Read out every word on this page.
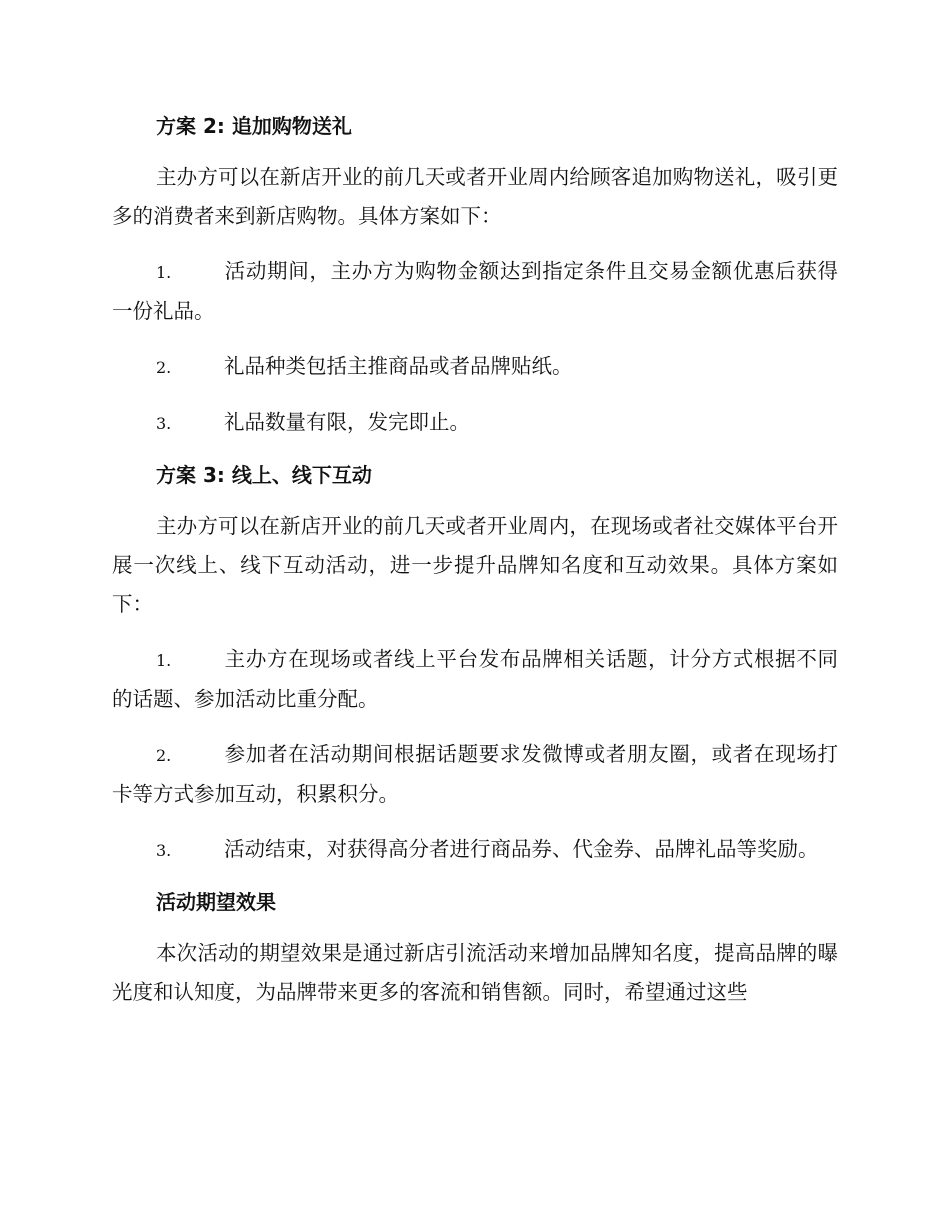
方案 2: 追加购物送礼

主办方可以在新店开业的前几天或者开业周内给顾客追加购物送礼，吸引更多的消费者来到新店购物。具体方案如下：

1.	活动期间，主办方为购物金额达到指定条件且交易金额优惠后获得一份礼品。

2.	礼品种类包括主推商品或者品牌贴纸。

3.	礼品数量有限，发完即止。

方案 3: 线上、线下互动

主办方可以在新店开业的前几天或者开业周内，在现场或者社交媒体平台开展一次线上、线下互动活动，进一步提升品牌知名度和互动效果。具体方案如下：

1.	主办方在现场或者线上平台发布品牌相关话题，计分方式根据不同的话题、参加活动比重分配。

2.	参加者在活动期间根据话题要求发微博或者朋友圈，或者在现场打卡等方式参加互动，积累积分。

3.	活动结束，对获得高分者进行商品券、代金券、品牌礼品等奖励。

活动期望效果

本次活动的期望效果是通过新店引流活动来增加品牌知名度，提高品牌的曝光度和认知度，为品牌带来更多的客流和销售额。同时，希望通过这些
